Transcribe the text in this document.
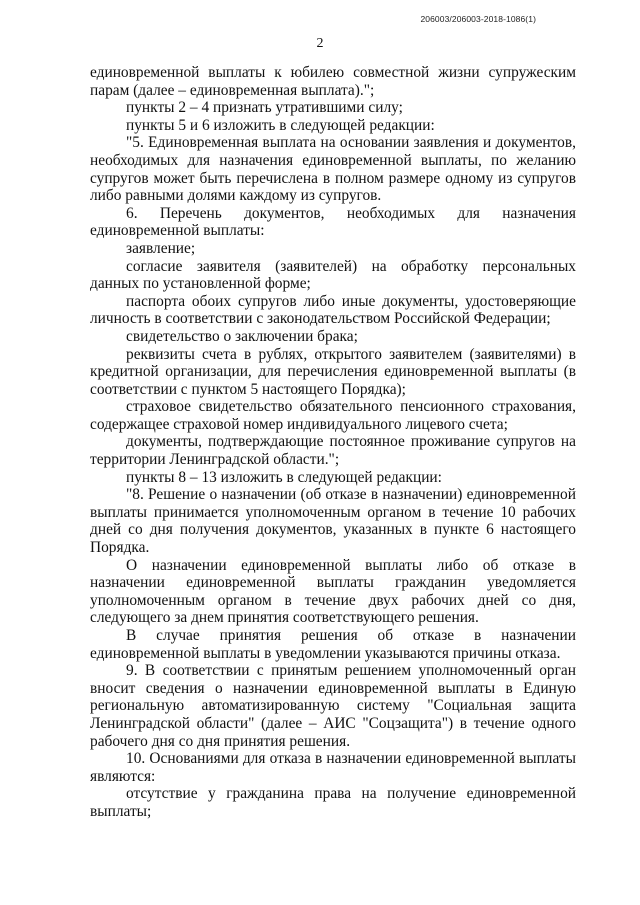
206003/206003-2018-1086(1)
2

единовременной выплаты к юбилею совместной жизни супружеским парам (далее – единовременная выплата).";

пункты 2 – 4 признать утратившими силу;

пункты 5 и 6 изложить в следующей редакции:

"5. Единовременная выплата на основании заявления и документов, необходимых для назначения единовременной выплаты, по желанию супругов может быть перечислена в полном размере одному из супругов либо равными долями каждому из супругов.

6. Перечень документов, необходимых для назначения единовременной выплаты:

заявление;

согласие заявителя (заявителей) на обработку персональных данных по установленной форме;

паспорта обоих супругов либо иные документы, удостоверяющие личность в соответствии с законодательством Российской Федерации;

свидетельство о заключении брака;

реквизиты счета в рублях, открытого заявителем (заявителями) в кредитной организации, для перечисления единовременной выплаты (в соответствии с пунктом 5 настоящего Порядка);

страховое свидетельство обязательного пенсионного страхования, содержащее страховой номер индивидуального лицевого счета;

документы, подтверждающие постоянное проживание супругов на территории Ленинградской области.";

пункты 8 – 13 изложить в следующей редакции:

"8. Решение о назначении (об отказе в назначении) единовременной выплаты принимается уполномоченным органом в течение 10 рабочих дней со дня получения документов, указанных в пункте 6 настоящего Порядка.

О назначении единовременной выплаты либо об отказе в назначении единовременной выплаты гражданин уведомляется уполномоченным органом в течение двух рабочих дней со дня, следующего за днем принятия соответствующего решения.

В случае принятия решения об отказе в назначении единовременной выплаты в уведомлении указываются причины отказа.

9. В соответствии с принятым решением уполномоченный орган вносит сведения о назначении единовременной выплаты в Единую региональную автоматизированную систему "Социальная защита Ленинградской области" (далее – АИС "Соцзащита") в течение одного рабочего дня со дня принятия решения.

10. Основаниями для отказа в назначении единовременной выплаты являются:

отсутствие у гражданина права на получение единовременной выплаты;
